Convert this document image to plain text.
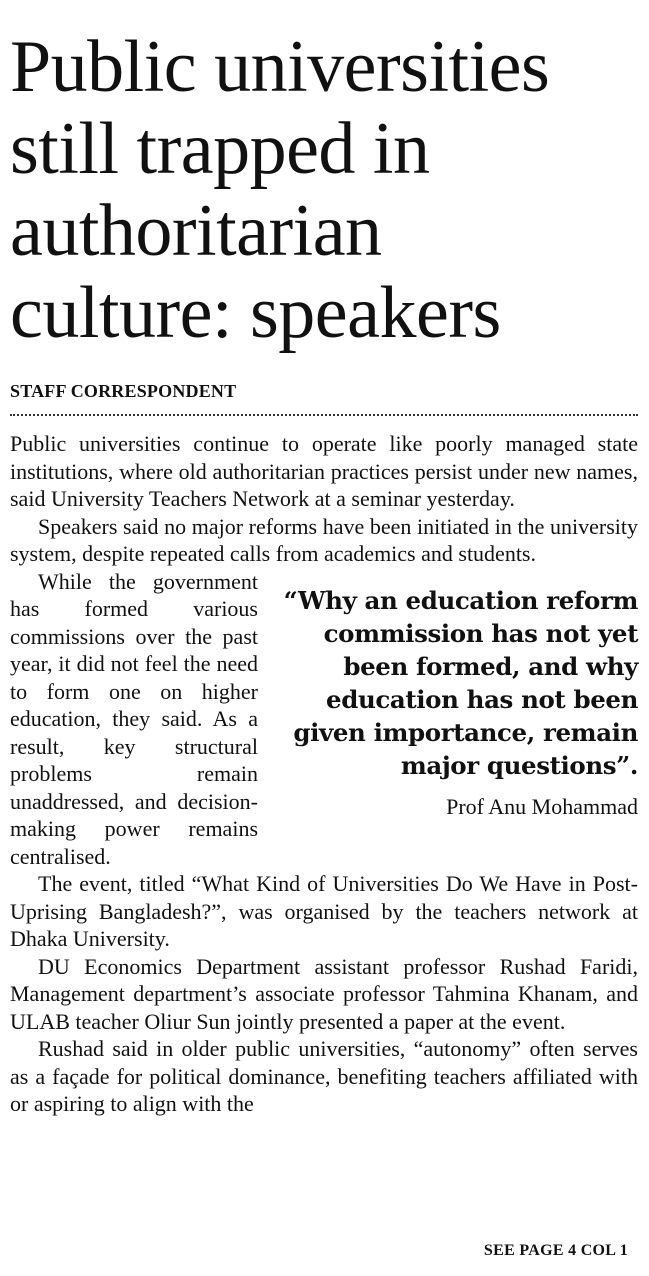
Public universities
still trapped in
authoritarian
culture: speakers
STAFF CORRESPONDENT

Public universities continue to operate like poorly managed state institutions, where old authoritarian practices persist under new names, said University Teachers Network at a seminar yesterday.

Speakers said no major reforms have been initiated in the university system, despite repeated calls from academics and students.

“Why an education reform commission has not yet been formed, and why education has not been given importance, remain major questions”.
Prof Anu Mohammad

While the government has formed various commissions over the past year, it did not feel the need to form one on higher education, they said. As a result, key structural problems remain unaddressed, and decision-making power remains centralised.

The event, titled “What Kind of Universities Do We Have in Post-Uprising Bangladesh?”, was organised by the teachers network at Dhaka University.

DU Economics Department assistant professor Rushad Faridi, Management department’s associate professor Tahmina Khanam, and ULAB teacher Oliur Sun jointly presented a paper at the event.

Rushad said in older public universities, “autonomy” often serves as a façade for political dominance, benefiting teachers affiliated with or aspiring to align with the

SEE PAGE 4 COL 1
